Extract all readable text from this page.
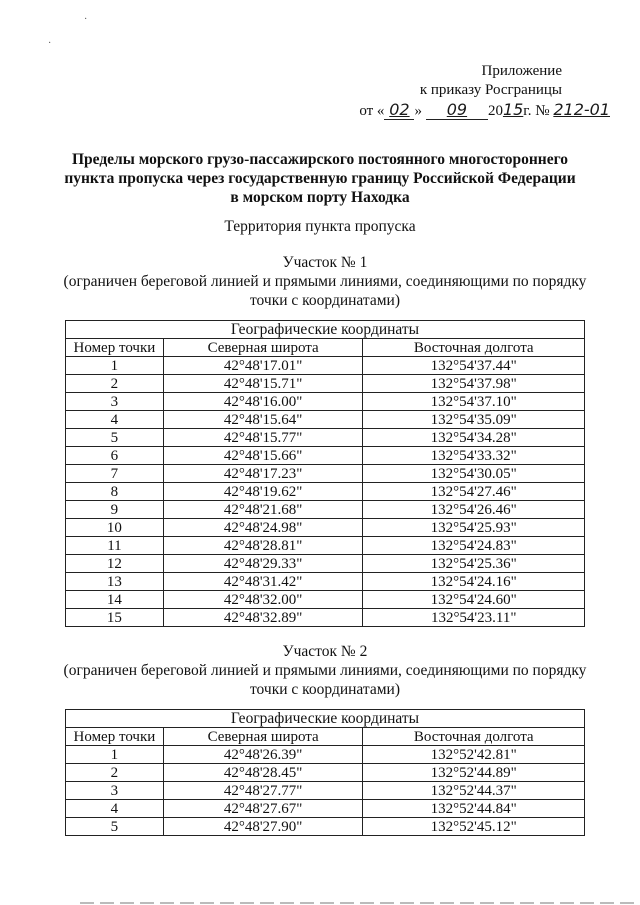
Приложение
к приказу Росграницы
от « 02 » 09 2015г. № 212-01
Пределы морского грузо-пассажирского постоянного многостороннего
пункта пропуска через государственную границу Российской Федерации
в морском порту Находка
Территория пункта пропуска
Участок № 1
(ограничен береговой линией и прямыми линиями, соединяющими по порядку
точки с координатами)
Географические координаты		
Номер точки	Северная широта	Восточная долгота
1	42°48'17.01"	132°54'37.44"
2	42°48'15.71"	132°54'37.98"
3	42°48'16.00"	132°54'37.10"
4	42°48'15.64"	132°54'35.09"
5	42°48'15.77"	132°54'34.28"
6	42°48'15.66"	132°54'33.32"
7	42°48'17.23"	132°54'30.05"
8	42°48'19.62"	132°54'27.46"
9	42°48'21.68"	132°54'26.46"
10	42°48'24.98"	132°54'25.93"
11	42°48'28.81"	132°54'24.83"
12	42°48'29.33"	132°54'25.36"
13	42°48'31.42"	132°54'24.16"
14	42°48'32.00"	132°54'24.60"
15	42°48'32.89"	132°54'23.11"
Участок № 2
(ограничен береговой линией и прямыми линиями, соединяющими по порядку
точки с координатами)
Географические координаты		
Номер точки	Северная широта	Восточная долгота
1	42°48'26.39"	132°52'42.81"
2	42°48'28.45"	132°52'44.89"
3	42°48'27.77"	132°52'44.37"
4	42°48'27.67"	132°52'44.84"
5	42°48'27.90"	132°52'45.12"
·
·
